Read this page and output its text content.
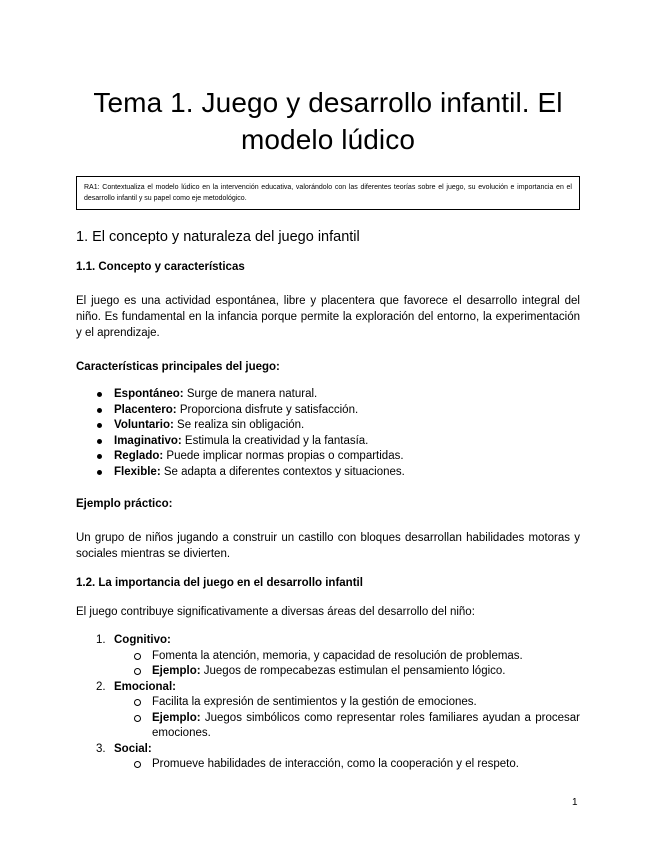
Tema 1. Juego y desarrollo infantil. El modelo lúdico
RA1: Contextualiza el modelo lúdico en la intervención educativa, valorándolo con las diferentes teorías sobre el juego, su evolución e importancia en el desarrollo infantil y su papel como eje metodológico.
1. El concepto y naturaleza del juego infantil
1.1. Concepto y características

El juego es una actividad espontánea, libre y placentera que favorece el desarrollo integral del niño. Es fundamental en la infancia porque permite la exploración del entorno, la experimentación y el aprendizaje.

Características principales del juego:
Espontáneo: Surge de manera natural.
Placentero: Proporciona disfrute y satisfacción.
Voluntario: Se realiza sin obligación.
Imaginativo: Estimula la creatividad y la fantasía.
Reglado: Puede implicar normas propias o compartidas.
Flexible: Se adapta a diferentes contextos y situaciones.
Ejemplo práctico:

Un grupo de niños jugando a construir un castillo con bloques desarrollan habilidades motoras y sociales mientras se divierten.

1.2. La importancia del juego en el desarrollo infantil

El juego contribuye significativamente a diversas áreas del desarrollo del niño:

1. Cognitivo:
Fomenta la atención, memoria, y capacidad de resolución de problemas.
Ejemplo: Juegos de rompecabezas estimulan el pensamiento lógico.
2. Emocional:
Facilita la expresión de sentimientos y la gestión de emociones.
Ejemplo: Juegos simbólicos como representar roles familiares ayudan a procesar emociones.
3. Social:
Promueve habilidades de interacción, como la cooperación y el respeto.
1
